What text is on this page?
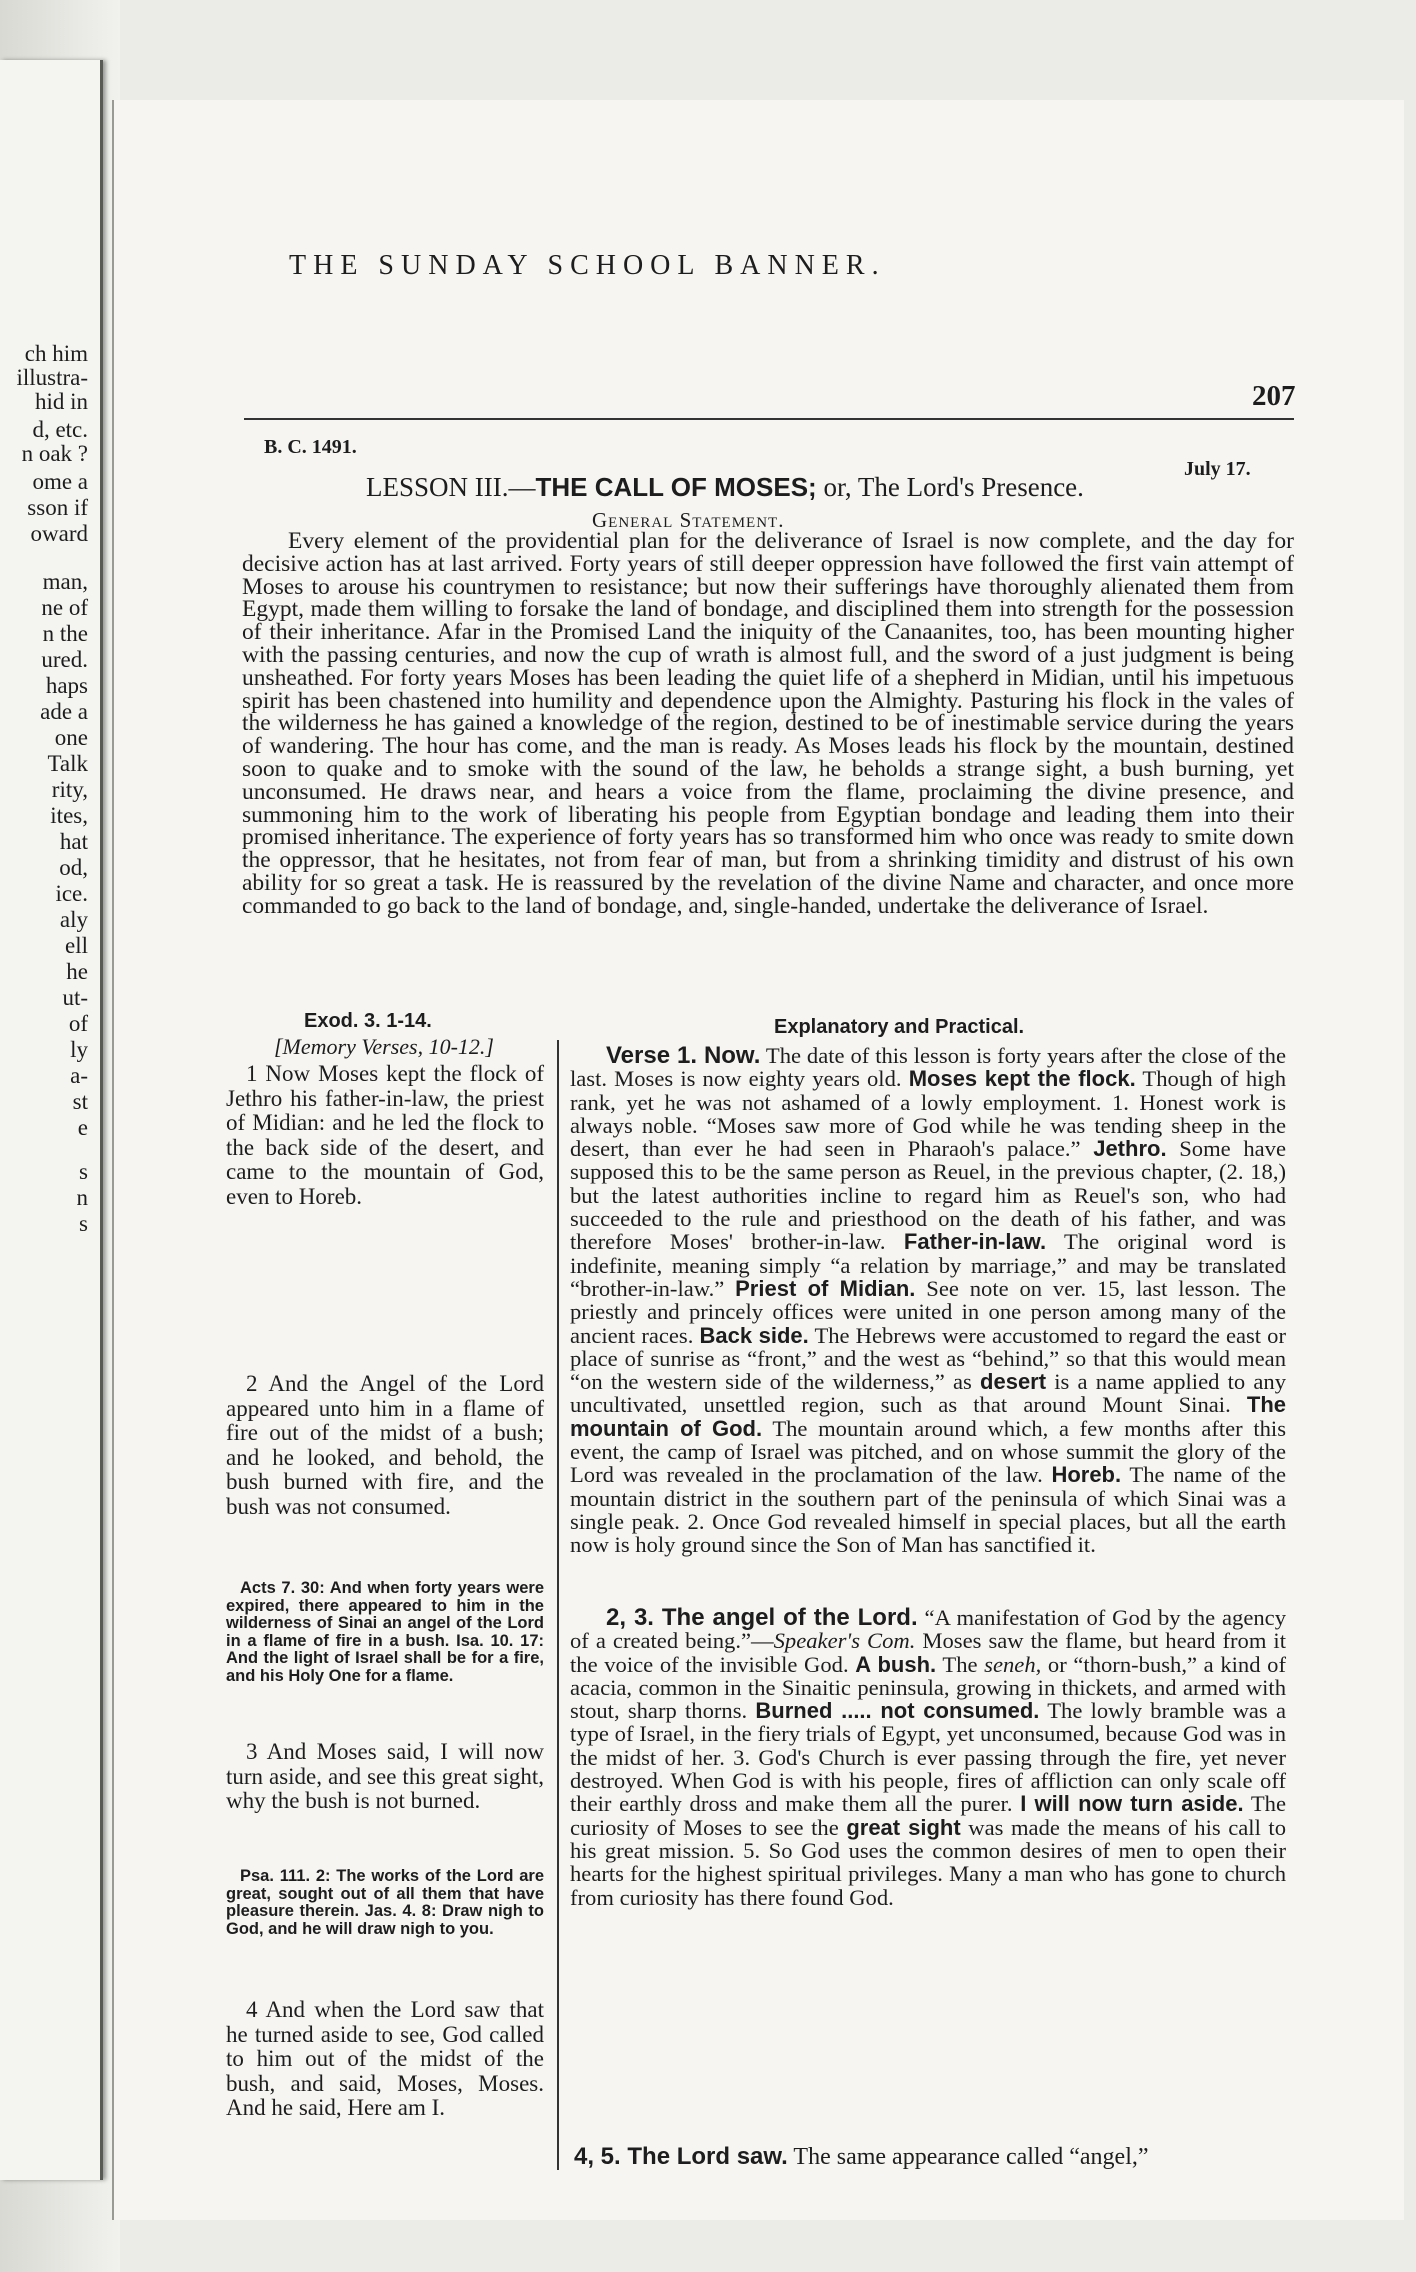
ch him
illustra-
hid in
d, etc.
n oak ?
ome a
sson if
oward
man,
ne of
n the
ured.
haps
ade a
one
Talk
rity,
ites,
hat
od,
ice.
aly
ell
he
ut-
of
ly
a-
st
e
s
n
s
THE SUNDAY SCHOOL BANNER.
207
B. C. 1491.
July 17.
LESSON III.—THE CALL OF MOSES; or, The Lord's Presence.
General Statement.
Every element of the providential plan for the deliverance of Israel is now complete, and the day for decisive action has at last arrived. Forty years of still deeper oppression have followed the first vain attempt of Moses to arouse his countrymen to resistance; but now their sufferings have thoroughly alienated them from Egypt, made them willing to forsake the land of bondage, and disciplined them into strength for the possession of their inheritance. Afar in the Promised Land the iniquity of the Canaanites, too, has been mounting higher with the passing centuries, and now the cup of wrath is almost full, and the sword of a just judgment is being unsheathed. For forty years Moses has been leading the quiet life of a shepherd in Midian, until his impetuous spirit has been chastened into humility and dependence upon the Almighty. Pasturing his flock in the vales of the wilderness he has gained a knowledge of the region, destined to be of inestimable service during the years of wandering. The hour has come, and the man is ready. As Moses leads his flock by the mountain, destined soon to quake and to smoke with the sound of the law, he beholds a strange sight, a bush burning, yet unconsumed. He draws near, and hears a voice from the flame, proclaiming the divine presence, and summoning him to the work of liberating his people from Egyptian bondage and leading them into their promised inheritance. The experience of forty years has so transformed him who once was ready to smite down the oppressor, that he hesitates, not from fear of man, but from a shrinking timidity and distrust of his own ability for so great a task. He is reassured by the revelation of the divine Name and character, and once more commanded to go back to the land of bondage, and, single-handed, undertake the deliverance of Israel.
Exod. 3. 1-14.
[Memory Verses, 10-12.]
Explanatory and Practical.
1 Now Moses kept the flock of Jethro his father-in-law, the priest of Midian: and he led the flock to the back side of the desert, and came to the mountain of God, even to Horeb.
2 And the Angel of the Lord appeared unto him in a flame of fire out of the midst of a bush; and he looked, and behold, the bush burned with fire, and the bush was not consumed.
Acts 7. 30: And when forty years were expired, there appeared to him in the wilderness of Sinai an angel of the Lord in a flame of fire in a bush. Isa. 10. 17: And the light of Israel shall be for a fire, and his Holy One for a flame.
3 And Moses said, I will now turn aside, and see this great sight, why the bush is not burned.
Psa. 111. 2: The works of the Lord are great, sought out of all them that have pleasure therein. Jas. 4. 8: Draw nigh to God, and he will draw nigh to you.
4 And when the Lord saw that he turned aside to see, God called to him out of the midst of the bush, and said, Moses, Moses. And he said, Here am I.
Verse 1. Now. The date of this lesson is forty years after the close of the last. Moses is now eighty years old. Moses kept the flock. Though of high rank, yet he was not ashamed of a lowly employment. 1. Honest work is always noble. “Moses saw more of God while he was tending sheep in the desert, than ever he had seen in Pharaoh's palace.” Jethro. Some have supposed this to be the same person as Reuel, in the previous chapter, (2. 18,) but the latest authorities incline to regard him as Reuel's son, who had succeeded to the rule and priesthood on the death of his father, and was therefore Moses' brother-in-law. Father-in-law. The original word is indefinite, meaning simply “a relation by marriage,” and may be translated “brother-in-law.” Priest of Midian. See note on ver. 15, last lesson. The priestly and princely offices were united in one person among many of the ancient races. Back side. The Hebrews were accustomed to regard the east or place of sunrise as “front,” and the west as “behind,” so that this would mean “on the western side of the wilderness,” as desert is a name applied to any uncultivated, unsettled region, such as that around Mount Sinai. The mountain of God. The mountain around which, a few months after this event, the camp of Israel was pitched, and on whose summit the glory of the Lord was revealed in the proclamation of the law. Horeb. The name of the mountain district in the southern part of the peninsula of which Sinai was a single peak. 2. Once God revealed himself in special places, but all the earth now is holy ground since the Son of Man has sanctified it.
2, 3. The angel of the Lord. “A manifestation of God by the agency of a created being.”—Speaker's Com. Moses saw the flame, but heard from it the voice of the invisible God. A bush. The seneh, or “thorn-bush,” a kind of acacia, common in the Sinaitic peninsula, growing in thickets, and armed with stout, sharp thorns. Burned ..... not consumed. The lowly bramble was a type of Israel, in the fiery trials of Egypt, yet unconsumed, because God was in the midst of her. 3. God's Church is ever passing through the fire, yet never destroyed. When God is with his people, fires of affliction can only scale off their earthly dross and make them all the purer. I will now turn aside. The curiosity of Moses to see the great sight was made the means of his call to his great mission. 5. So God uses the common desires of men to open their hearts for the highest spiritual privileges. Many a man who has gone to church from curiosity has there found God.
4, 5. The Lord saw. The same appearance called “angel,”
